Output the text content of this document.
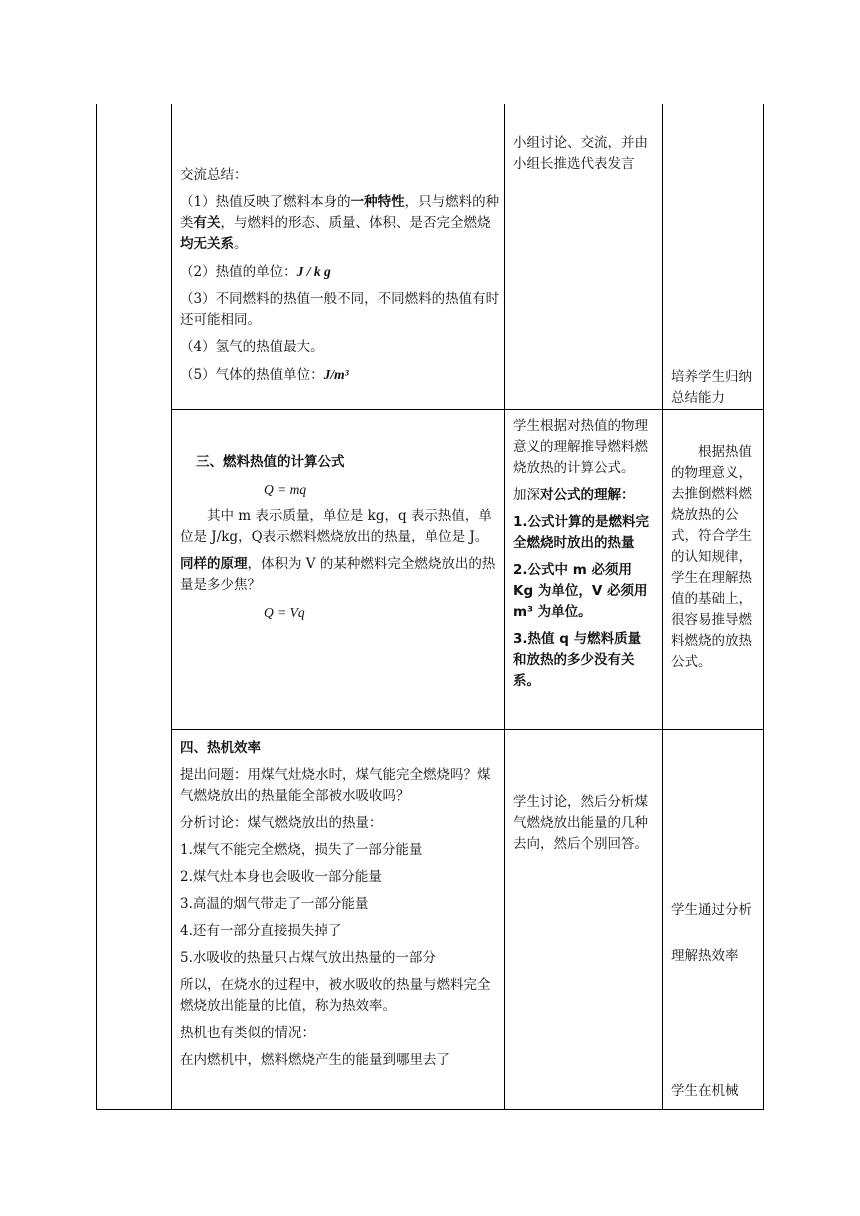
交流总结：

（1）热值反映了燃料本身的一种特性，只与燃料的种类有关，与燃料的形态、质量、体积、是否完全燃烧均无关系。

（2）热值的单位：J / k g

（3）不同燃料的热值一般不同，不同燃料的热值有时还可能相同。

（4）氢气的热值最大。

（5）气体的热值单位：J/m³

小组讨论、交流，并由小组长推选代表发言
培养学生归纳总结能力

三、燃料热值的计算公式

Q = mq

其中 m 表示质量，单位是 kg，q 表示热值，单位是 J/kg，Q表示燃料燃烧放出的热量，单位是 J。

同样的原理，体积为 V 的某种燃料完全燃烧放出的热量是多少焦？

Q = Vq

学生根据对热值的物理意义的理解推导燃料燃烧放热的计算公式。

加深对公式的理解：

1.公式计算的是燃料完全燃烧时放出的热量

2.公式中 m 必须用 Kg 为单位，V 必须用 m³ 为单位。

3.热值 q 与燃料质量和放热的多少没有关系。

根据热值的物理意义，去推倒燃料燃烧放热的公式，符合学生的认知规律，学生在理解热值的基础上，很容易推导燃料燃烧的放热公式。

四、热机效率

提出问题：用煤气灶烧水时，煤气能完全燃烧吗？煤气燃烧放出的热量能全部被水吸收吗？

分析讨论：煤气燃烧放出的热量：

1.煤气不能完全燃烧，损失了一部分能量

2.煤气灶本身也会吸收一部分能量

3.高温的烟气带走了一部分能量

4.还有一部分直接损失掉了

5.水吸收的热量只占煤气放出热量的一部分

所以，在烧水的过程中，被水吸收的热量与燃料完全燃烧放出能量的比值，称为热效率。

热机也有类似的情况：

在内燃机中，燃料燃烧产生的能量到哪里去了

学生讨论，然后分析煤气燃烧放出能量的几种去向，然后个别回答。
学生通过分析
理解热效率
学生在机械
